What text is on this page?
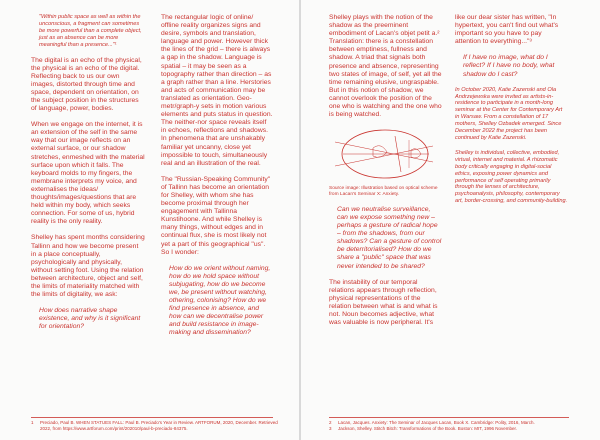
"Within public space as well as within the unconscious, a fragment can sometimes be more powerful than a complete object, just as an absence can be more meaningful than a presence..."¹

The digital is an echo of the physical, the physical is an echo of the digital. Reflecting back to us our own images, distorted through time and space, dependent on orientation, on the subject position in the structures of language, power, bodies.

When we engage on the internet, it is an extension of the self in the same way that our image reflects on an external surface, or our shadow stretches, enmeshed with the material surface upon which it falls. The keyboard molds to my fingers, the membrane interprets my voice, and externalises the ideas/ thoughts/images/questions that are held within my body, which seeks connection. For some of us, hybrid reality is the only reality.

Shelley has spent months considering Tallinn and how we become present in a place conceptually, psychologically and physically, without setting foot. Using the relation between architecture, object and self, the limits of materiality matched with the limits of digitality, we ask:

How does narrative shape existence, and why is it significant for orientation?

The rectangular logic of online/ offline reality organizes signs and desire, symbols and translation, language and power. However thick the lines of the grid – there is always a gap in the shadow. Language is spatial – it may be seen as a topography rather than direction – as a graph rather than a line. Herstories and acts of communication may be translated as orientation. Geo-metr/graph-y sets in motion various elements and puts status in question. The neither-nor space reveals itself in echoes, reflections and shadows. In phenomena that are unshakably familiar yet uncanny, close yet impossible to touch, simultaneously real and an illustration of the real.

The "Russian-Speaking Community" of Tallinn has become an orientation for Shelley, with whom she has become proximal through her engagement with Tallinna Kunstihoone. And while Shelley is many things, without edges and in continual flux, she is most likely not yet a part of this geographical "us". So I wonder:

How do we orient without naming, how do we hold space without subjugating, how do we become we, be present without watching, othering, colonising? How do we find presence in absence, and how can we decentralise power and build resistance in image-making and dissemination?

1	Preciado, Paul B. WHEN STATUES FALL: Paul B. Preciado's Year in Review. ARTFORUM, 2020, December. Retrieved 2022, from https://www.artforum.com/print/202010/paul-b-preciado-84375.

Shelley plays with the notion of the shadow as the preeminent embodiment of Lacan's objet petit a.² Translation: there is a constellation between emptiness, fullness and shadow. A triad that signals both presence and absence, representing two states of image, of self, yet all the time remaining elusive, ungraspable. But in this notion of shadow, we cannot overlook the position of the one who is watching and the one who is being watched.

Source image: Illustration based on optical scheme from Lacan's Seminar X: Anxiety.

Can we neutralise surveillance, can we expose something new – perhaps a gesture of radical hope – from the shadows, from our shadows? Can a gesture of control be deterritorialised? How do we share a "public" space that was never intended to be shared?

The instability of our temporal relations appears through reflection, physical representations of the relation between what is and what is not. Noun becomes adjective, what was valuable is now peripheral. It's

like our dear sister has written, "In hypertext, you can't find out what's important so you have to pay attention to everything..."³

If I have no image, what do I reflect? If I have no body, what shadow do I cast?

In October 2020, Katie Zazenski and Ola Andrzejewska were invited as artists-in-residence to participate in a month-long seminar at the Center for Contemporary Art in Warsaw. From a constellation of 17 mothers, Shelley Ozbadek emerged. Since December 2022 the project has been continued by Katie Zazenski.

Shelley is individual, collective, embodied, virtual, internet and material. A rhizomatic body critically engaging in digital-social ethics, exposing power dynamics and performance of self operating primarily through the lenses of architecture, psychoanalysis, philosophy, contemporary art, border-crossing, and community-building.

2	Lacan, Jacques. Anxiety: The Seminar of Jacques Lacan, Book X. Cambridge: Polity, 2016, March.
3	Jackson, Shelley. Stitch Bitch: Transformations of the Book. Boston: MIT, 1996 November.
